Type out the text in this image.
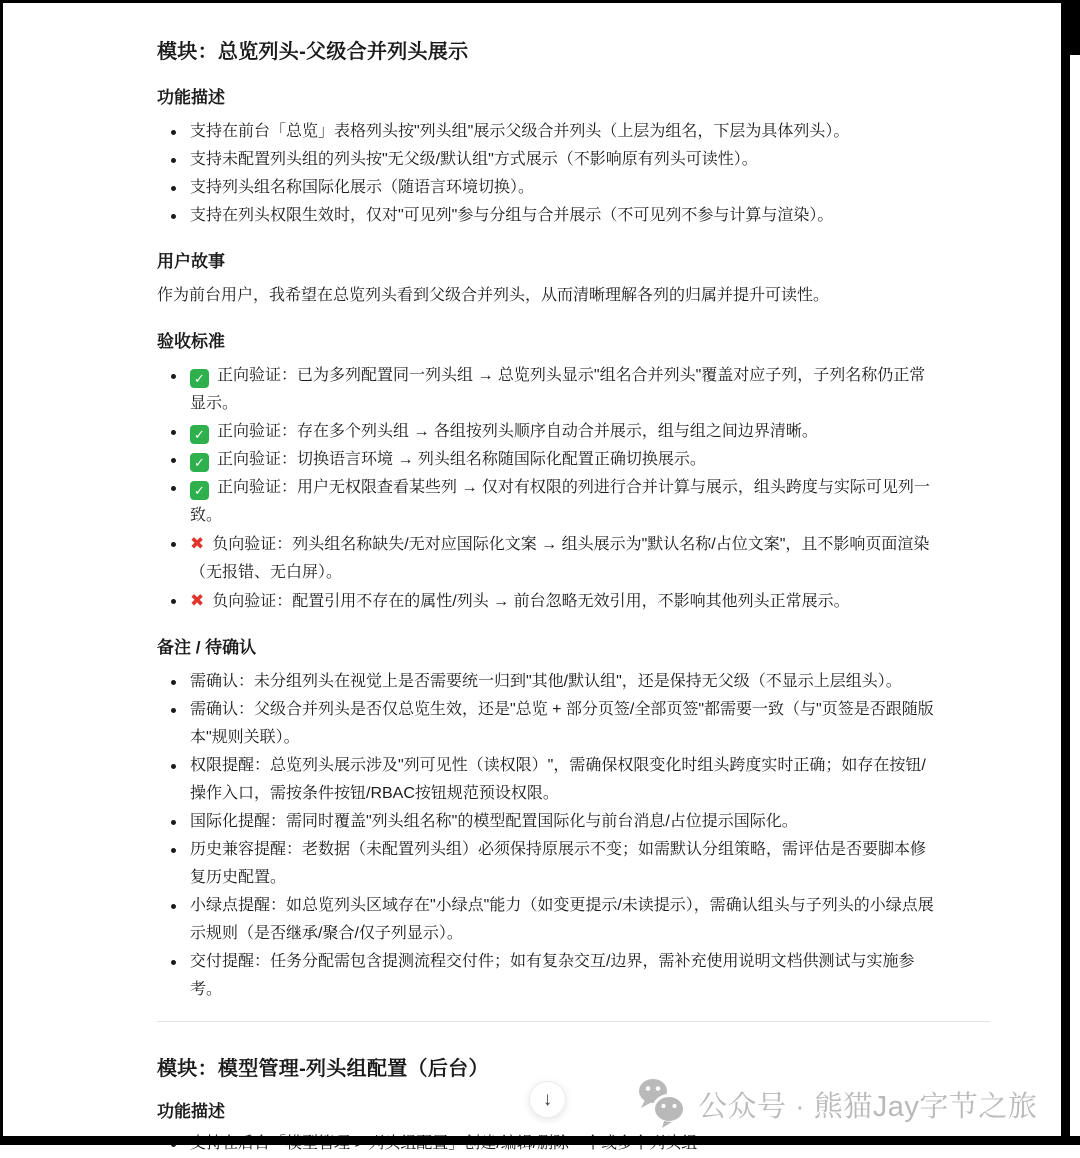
模块：总览列头-父级合并列头展示
功能描述
支持在前台「总览」表格列头按"列头组"展示父级合并列头（上层为组名，下层为具体列头）。
支持未配置列头组的列头按"无父级/默认组"方式展示（不影响原有列头可读性）。
支持列头组名称国际化展示（随语言环境切换）。
支持在列头权限生效时，仅对"可见列"参与分组与合并展示（不可见列不参与计算与渲染）。
用户故事

作为前台用户，我希望在总览列头看到父级合并列头，从而清晰理解各列的归属并提升可读性。

验收标准
✓ 正向验证：已为多列配置同一列头组 → 总览列头显示"组名合并列头"覆盖对应子列，子列名称仍正常显示。
✓ 正向验证：存在多个列头组 → 各组按列头顺序自动合并展示，组与组之间边界清晰。
✓ 正向验证：切换语言环境 → 列头组名称随国际化配置正确切换展示。
✓ 正向验证：用户无权限查看某些列 → 仅对有权限的列进行合并计算与展示，组头跨度与实际可见列一致。
✖ 负向验证：列头组名称缺失/无对应国际化文案 → 组头展示为"默认名称/占位文案"，且不影响页面渲染（无报错、无白屏）。
✖ 负向验证：配置引用不存在的属性/列头 → 前台忽略无效引用，不影响其他列头正常展示。
备注 / 待确认
需确认：未分组列头在视觉上是否需要统一归到"其他/默认组"，还是保持无父级（不显示上层组头）。
需确认：父级合并列头是否仅总览生效，还是"总览 + 部分页签/全部页签"都需要一致（与"页签是否跟随版本"规则关联）。
权限提醒：总览列头展示涉及"列可见性（读权限）"，需确保权限变化时组头跨度实时正确；如存在按钮/操作入口，需按条件按钮/RBAC按钮规范预设权限。
国际化提醒：需同时覆盖"列头组名称"的模型配置国际化与前台消息/占位提示国际化。
历史兼容提醒：老数据（未配置列头组）必须保持原展示不变；如需默认分组策略，需评估是否要脚本修复历史配置。
小绿点提醒：如总览列头区域存在"小绿点"能力（如变更提示/未读提示），需确认组头与子列头的小绿点展示规则（是否继承/聚合/仅子列显示）。
交付提醒：任务分配需包含提测流程交付件；如有复杂交互/边界，需补充使用说明文档供测试与实施参考。
模块：模型管理-列头组配置（后台）
功能描述
↓	公众号 · 熊猫Jay字节之旅
